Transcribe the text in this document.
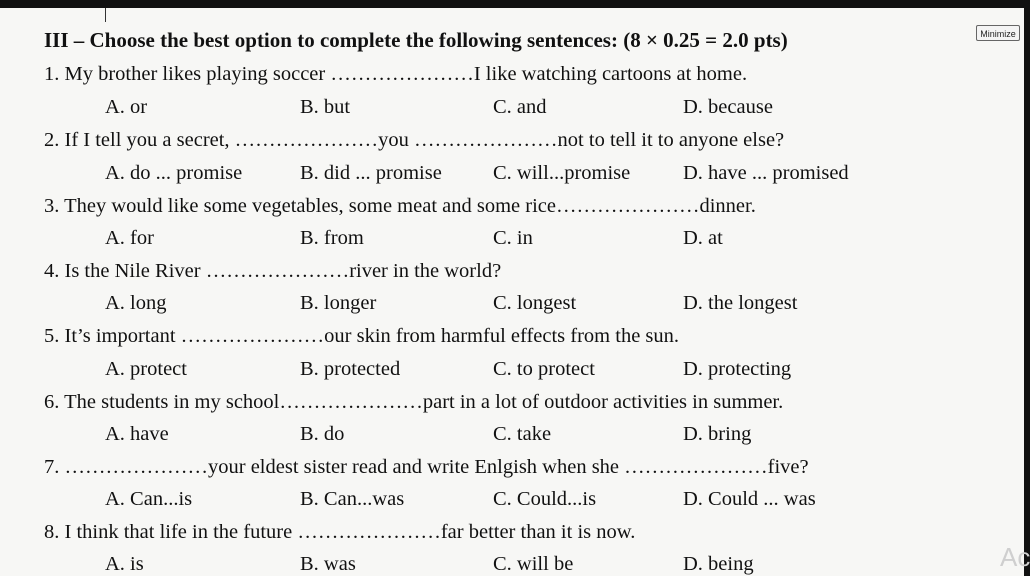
III – Choose the best option to complete the following sentences: (8 × 0.25 = 2.0 pts)	Minimize
1. My brother likes playing soccer …………………I like watching cartoons at home.
A. or	B. but	C. and	D. because
2. If I tell you a secret, …………………you …………………not to tell it to anyone else?
A. do ... promise	B. did ... promise C. will...promise	D. have ... promised
3. They would like some vegetables, some meat and some rice…………………dinner.
A. for	B. from	C. in	D. at
4. Is the Nile River …………………river in the world?
A. long	B. longer	C. longest	D. the longest
5. It’s important …………………our skin from harmful effects from the sun.
A. protect	B. protected	C. to protect	D. protecting
6. The students in my school…………………part in a lot of outdoor activities in summer.
A. have	B. do	C. take	D. bring
7. …………………your eldest sister read and write Enlgish when she …………………five?
A. Can...is	B. Can...was	C. Could...is	D. Could ... was
8. I think that life in the future …………………far better than it is now.
A. is	B. was	C. will be	D. being	Ac
